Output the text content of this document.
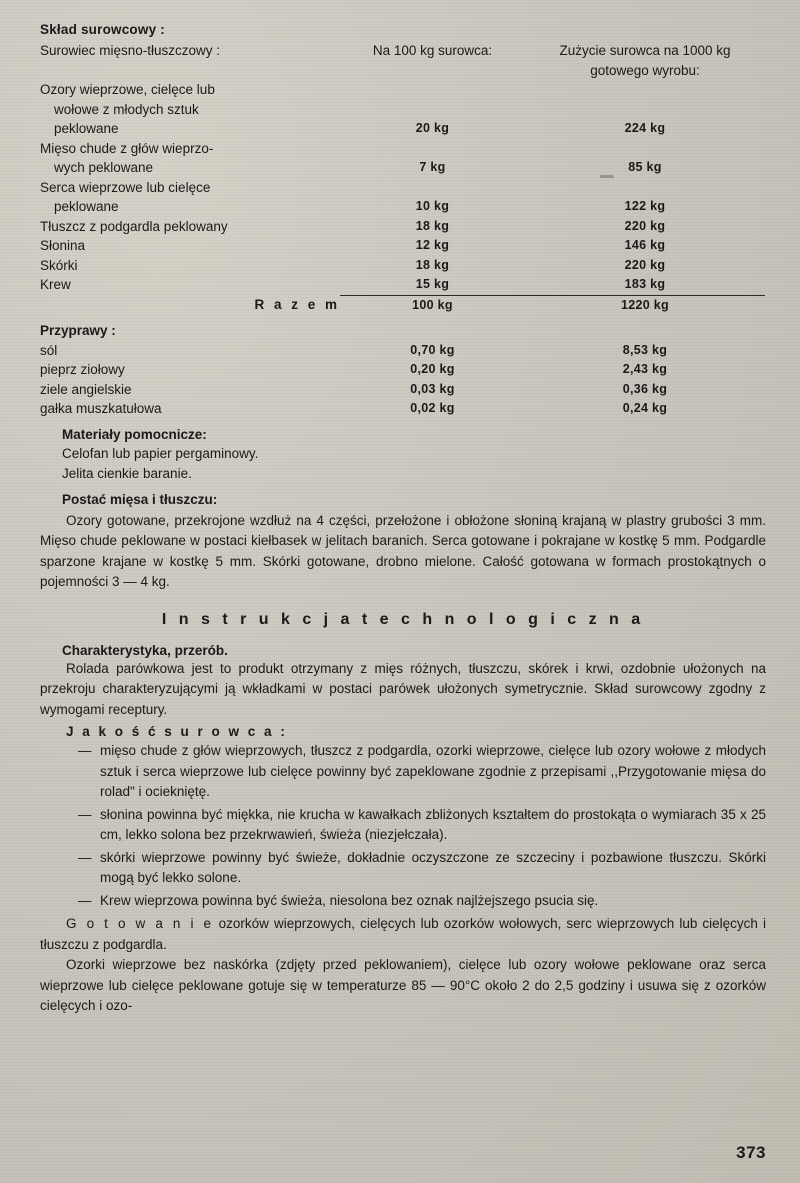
Skład surowcowy :
Surowiec mięsno-tłuszczowy :	Na 100 kg surowca:	Zużycie surowca na 1000 kg
gotowego wyrobu:

Ozory wieprzowe, cielęce lub
wołowe z młodych sztuk
peklowane	20 kg	224 kg

Mięso chude z głów wieprzo-
wych peklowane	7 kg	85 kg

Serca wieprzowe lub cielęce
peklowane	10 kg	122 kg
Tłuszcz z podgardla peklowany	18 kg	220 kg
Słonina	12 kg	146 kg
Skórki	18 kg	220 kg
Krew	15 kg	183 kg
R a z e m	100 kg	1220 kg
Przyprawy :		
sól	0,70 kg	8,53 kg
pieprz ziołowy	0,20 kg	2,43 kg
ziele angielskie	0,03 kg	0,36 kg
gałka muszkatułowa	0,02 kg	0,24 kg
Materiały pomocnicze:
Celofan lub papier pergaminowy.
Jelita cienkie baranie.
Postać mięsa i tłuszczu:

Ozory gotowane, przekrojone wzdłuż na 4 części, przełożone i obłożone słoniną krajaną w plastry grubości 3 mm. Mięso chude peklowane w postaci kiełbasek w jelitach baranich. Serca gotowane i pokrajane w kostkę 5 mm. Podgardle sparzone krajane w kostkę 5 mm. Skórki gotowane, drobno mielone. Całość gotowana w formach prostokątnych o pojemności 3 — 4 kg.

I n s t r u k c j a t e c h n o l o g i c z n a
Charakterystyka, przerób.

Rolada parówkowa jest to produkt otrzymany z mięs różnych, tłuszczu, skórek i krwi, ozdobnie ułożonych na przekroju charakteryzującymi ją wkładkami w postaci parówek ułożonych symetrycznie. Skład surowcowy zgodny z wymogami receptury.

J a k o ś ć s u r o w c a :
— mięso chude z głów wieprzowych, tłuszcz z podgardla, ozorki wieprzowe, cielęce lub ozory wołowe z młodych sztuk i serca wieprzowe lub cielęce powinny być zapeklowane zgodnie z przepisami ,,Przygotowanie mięsa do rolad" i ociekniętę.
— słonina powinna być miękka, nie krucha w kawałkach zbliżonych kształtem do prostokąta o wymiarach 35 x 25 cm, lekko solona bez przekrwawień, świeża (niezjełczała).
— skórki wieprzowe powinny być świeże, dokładnie oczyszczone ze szczeciny i pozbawione tłuszczu. Skórki mogą być lekko solone.
— Krew wieprzowa powinna być świeża, niesolona bez oznak najlżejszego psucia się.

G o t o w a n i e ozorków wieprzowych, cielęcych lub ozorków wołowych, serc wieprzowych lub cielęcych i tłuszczu z podgardla.

Ozorki wieprzowe bez naskórka (zdjęty przed peklowaniem), cielęce lub ozory wołowe peklowane oraz serca wieprzowe lub cielęce peklowane gotuje się w temperaturze 85 — 90°C około 2 do 2,5 godziny i usuwa się z ozorków cielęcych i ozo-

373
